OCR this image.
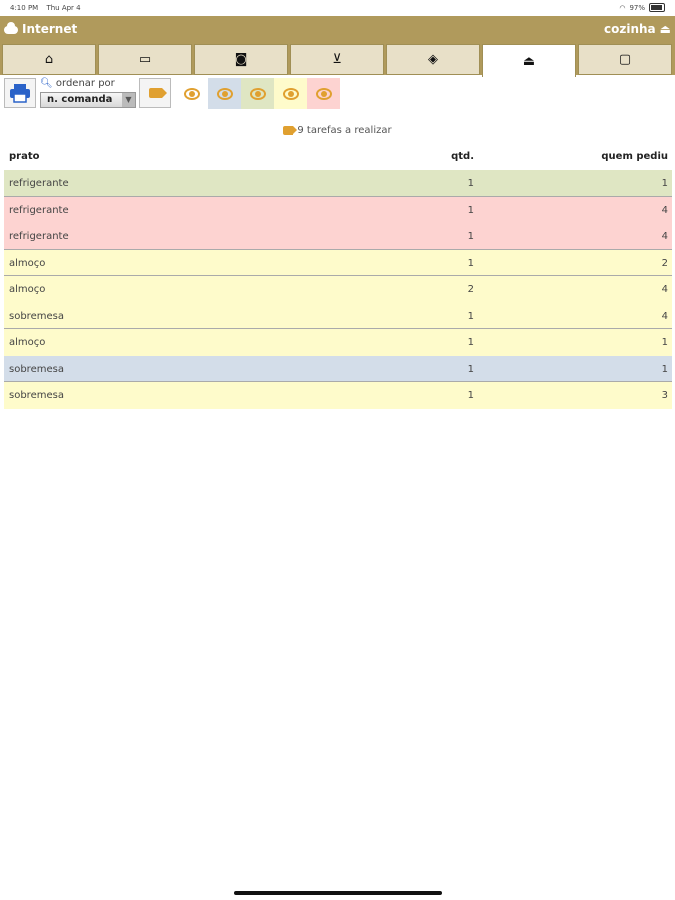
4:10 PM Thu Apr 4	◠ 97%
Internet	cozinha ⏏
⌂	▭	◙	⊻	◈	⏏	▢
🔍︎ ordenar por
n. comanda	▼
9 tarefas a realizar
prato	qtd.	quem pediu
refrigerante	1	1
refrigerante	1	4
refrigerante	1	4
almoço	1	2
almoço	2	4
sobremesa	1	4
almoço	1	1
sobremesa	1	1
sobremesa	1	3
